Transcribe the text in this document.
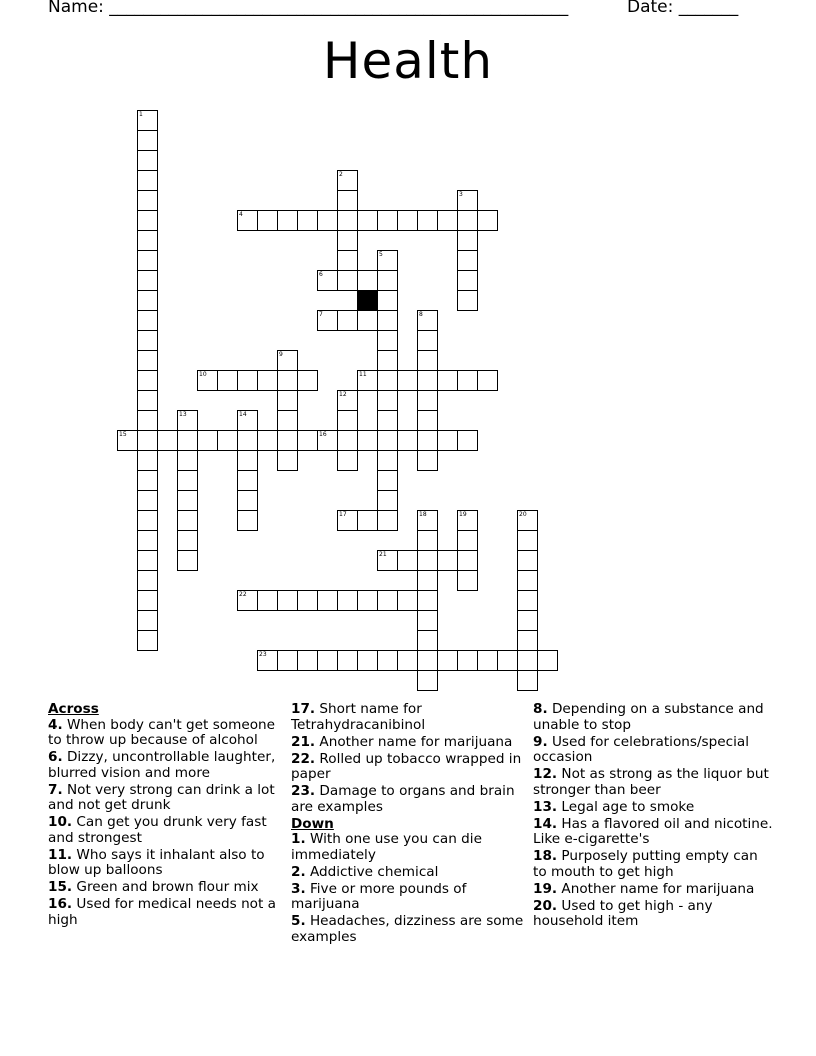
Name: ______________________________________________________	Date: _______
Health
1
2
3
4
5
6
7	8
9
10	11
12
13	14
15	16
17	18	19	20
21
22
23
Across
4. When body can't get someone to throw up because of alcohol
6. Dizzy, uncontrollable laughter, blurred vision and more
7. Not very strong can drink a lot and not get drunk
10. Can get you drunk very fast and strongest
11. Who says it inhalant also to blow up balloons
15. Green and brown flour mix
16. Used for medical needs not a high
17. Short name for Tetrahydracanibinol
21. Another name for marijuana
22. Rolled up tobacco wrapped in paper
23. Damage to organs and brain are examples
Down
1. With one use you can die immediately
2. Addictive chemical
3. Five or more pounds of marijuana
5. Headaches, dizziness are some examples
8. Depending on a substance and unable to stop
9. Used for celebrations/special occasion
12. Not as strong as the liquor but stronger than beer
13. Legal age to smoke
14. Has a flavored oil and nicotine. Like e-cigarette's
18. Purposely putting empty can to mouth to get high
19. Another name for marijuana
20. Used to get high - any household item
